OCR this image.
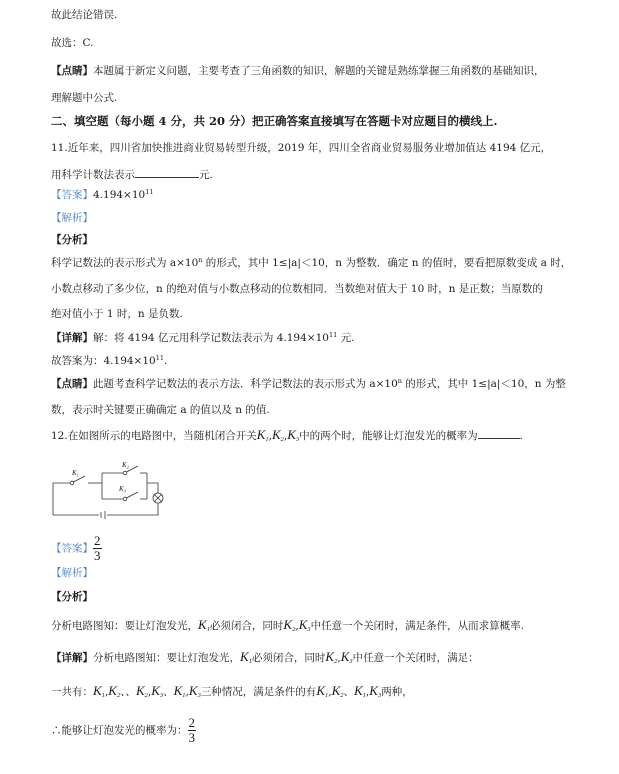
故此结论错误.
故选：C.
【点睛】本题属于新定义问题，主要考查了三角函数的知识，解题的关键是熟练掌握三角函数的基础知识，
理解题中公式.
二、填空题（每小题 4 分，共 20 分）把正确答案直接填写在答题卡对应题目的横线上.
11.近年来，四川省加快推进商业贸易转型升级，2019 年，四川全省商业贸易服务业增加值达 4194 亿元，
用科学计数法表示	元.
【答案】$4.194\times 10^{11}$
【解析】
【分析】
科学记数法的表示形式为 $a\times 10^n$ 的形式，其中 1≤|a|＜10，n 为整数．确定 n 的值时，要看把原数变成 a 时，
小数点移动了多少位，n 的绝对值与小数点移动的位数相同．当数绝对值大于 10 时，n 是正数；当原数的
绝对值小于 1 时，n 是负数.
【详解】解：将 4194 亿元用科学记数法表示为 $4.194\times 10^{11}$ 元.
故答案为：$4.194\times 10^{11}$.
【点睛】此题考查科学记数法的表示方法．科学记数法的表示形式为 $a\times 10^n$ 的形式，其中 1≤|a|＜10，n 为整
数，表示时关键要正确确定 a 的值以及 n 的值.
12.在如图所示的电路图中，当随机闭合开关$K_1,K_2,K_3$中的两个时，能够让灯泡发光的概率为	.
$K_1$
$K_2$
$K_3$
【答案】 $\frac{2}{3}$
【解析】
【分析】
分析电路图知：要让灯泡发光，$K_1$必须闭合，同时$K_2,K_3$中任意一个关闭时，满足条件，从而求算概率.
【详解】分析电路图知：要让灯泡发光，$K_1$必须闭合，同时$K_2,K_3$中任意一个关闭时，满足：
一共有：$K_1,K_2$、、$K_2,K_3$、$K_1,K_3$三种情况，满足条件的有$K_1,K_2$、$K_1,K_3$两种，
∴能够让灯泡发光的概率为： $\frac{2}{3}$
